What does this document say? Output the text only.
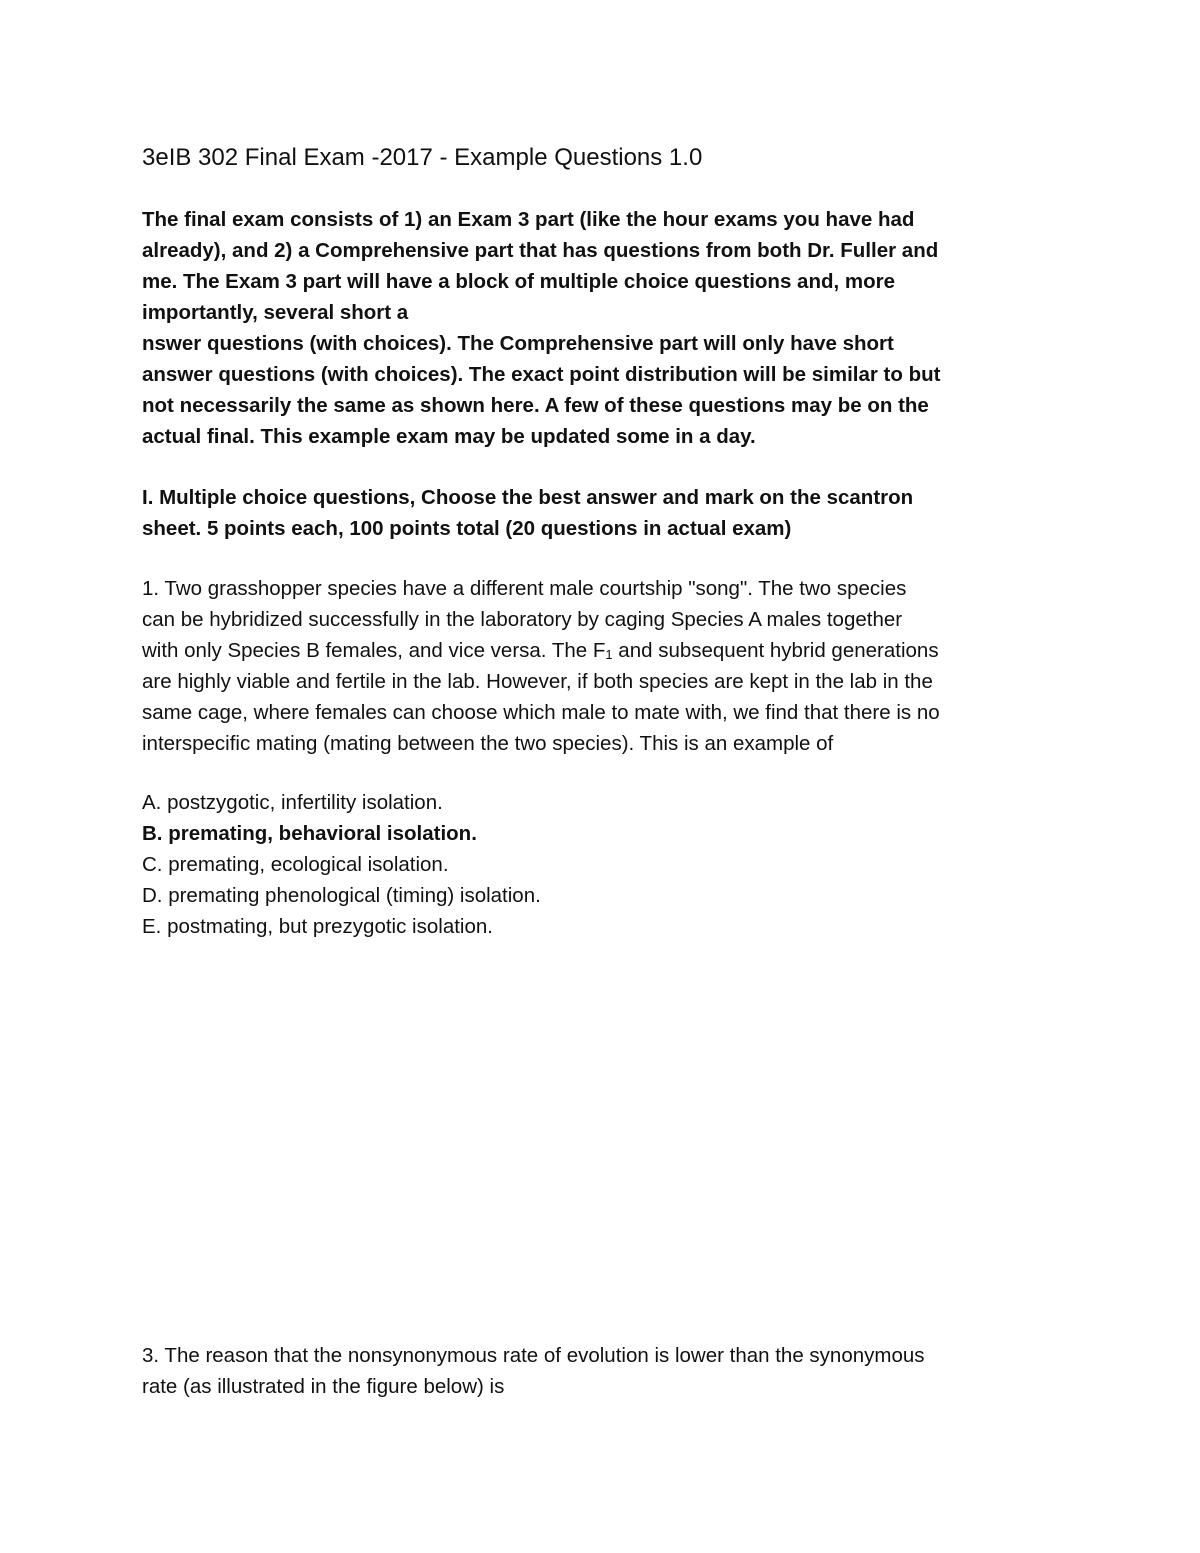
3eIB 302 Final Exam -2017 - Example Questions 1.0
The final exam consists of 1) an Exam 3 part (like the hour exams you have had
already), and 2) a Comprehensive part that has questions from both Dr. Fuller and
me. The Exam 3 part will have a block of multiple choice questions and, more
importantly, several short a
nswer questions (with choices). The Comprehensive part will only have short
answer questions (with choices). The exact point distribution will be similar to but
not necessarily the same as shown here. A few of these questions may be on the
actual final. This example exam may be updated some in a day.
I. Multiple choice questions, Choose the best answer and mark on the scantron
sheet. 5 points each, 100 points total (20 questions in actual exam)
1. Two grasshopper species have a different male courtship "song". The two species
can be hybridized successfully in the laboratory by caging Species A males together
with only Species B females, and vice versa. The $F_1$ and subsequent hybrid generations
are highly viable and fertile in the lab. However, if both species are kept in the lab in the
same cage, where females can choose which male to mate with, we find that there is no
interspecific mating (mating between the two species). This is an example of
A. postzygotic, infertility isolation.
B. premating, behavioral isolation.
C. premating, ecological isolation.
D. premating phenological (timing) isolation.
E. postmating, but prezygotic isolation.
3. The reason that the nonsynonymous rate of evolution is lower than the synonymous
rate (as illustrated in the figure below) is
